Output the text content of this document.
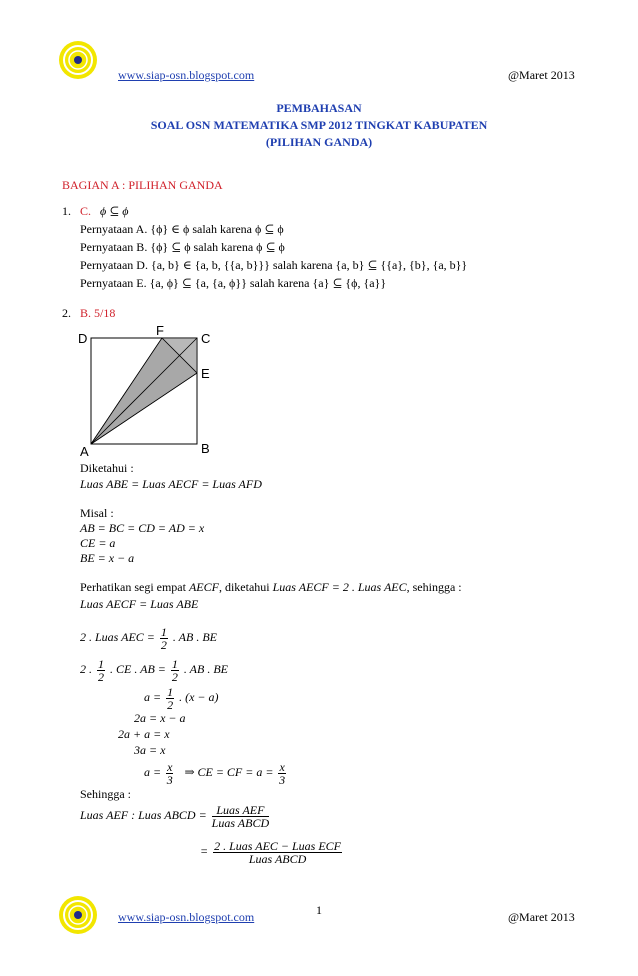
www.siap-osn.blogspot.com	@Maret 2013
PEMBAHASAN
SOAL OSN MATEMATIKA SMP 2012 TINGKAT KABUPATEN
(PILIHAN GANDA)
BAGIAN A : PILIHAN GANDA
1. C. ϕ ⊆ ϕ
Pernyataan A. {ϕ} ∈ ϕ salah karena ϕ ⊆ ϕ
Pernyataan B. {ϕ} ⊆ ϕ salah karena ϕ ⊆ ϕ
Pernyataan D. {a, b} ∈ {a, b, {{a, b}}} salah karena {a, b} ⊆ {{a}, {b}, {a, b}}
Pernyataan E. {a, ϕ} ⊆ {a, {a, ϕ}} salah karena {a} ⊆ {ϕ, {a}}
2. B. 5/18
D
F
C
E
A	B
Diketahui :
Luas ABE = Luas AECF = Luas AFD
Misal :
AB = BC = CD = AD = x
CE = a
BE = x − a
Perhatikan segi empat AECF, diketahui Luas AECF = 2 . Luas AEC, sehingga :
Luas AECF = Luas ABE
2 . Luas AEC = $\frac{1}{2}$ . AB . BE
2 . $\frac{1}{2}$ . CE . AB = $\frac{1}{2}$ . AB . BE
$a = \frac{1}{2}$ . (x − a)
2a = x − a
2a + a = x
3a = x
$a = \frac{x}{3}$ ⇒ CE = CF = $a = \frac{x}{3}$
Sehingga :
Luas AEF : Luas ABCD = $\frac{\text{Luas AEF}}{\text{Luas ABCD}}$
= $\frac{\text{2 . Luas AEC − Luas ECF}}{\text{Luas ABCD}}$
1
www.siap-osn.blogspot.com	@Maret 2013
